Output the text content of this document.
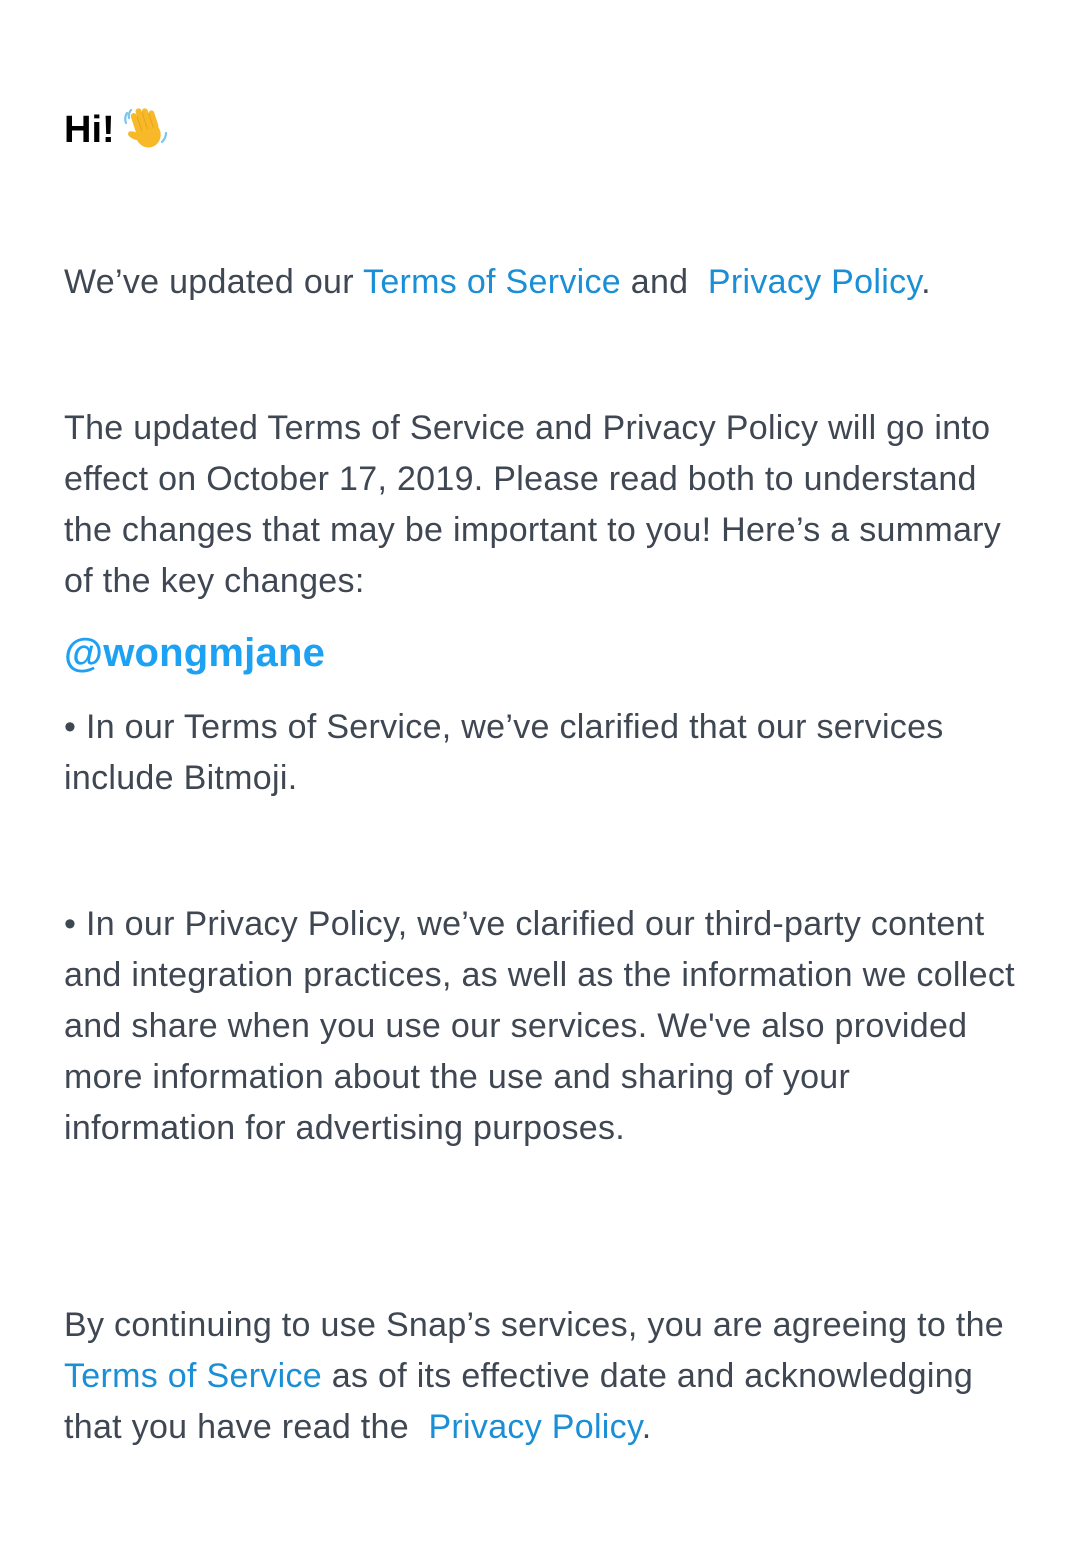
Hi!
We’ve updated our Terms of Service and  Privacy Policy.
The updated Terms of Service and Privacy Policy will go into effect on October 17, 2019. Please read both to understand the changes that may be important to you! Here’s a summary of the key changes:
@wongmjane
• In our Terms of Service, we’ve clarified that our services include Bitmoji.
• In our Privacy Policy, we’ve clarified our third-party content and integration practices, as well as the information we collect and share when you use our services. We've also provided more information about the use and sharing of your information for advertising purposes.
By continuing to use Snap’s services, you are agreeing to the Terms of Service as of its effective date and acknowledging that you have read the  Privacy Policy.
